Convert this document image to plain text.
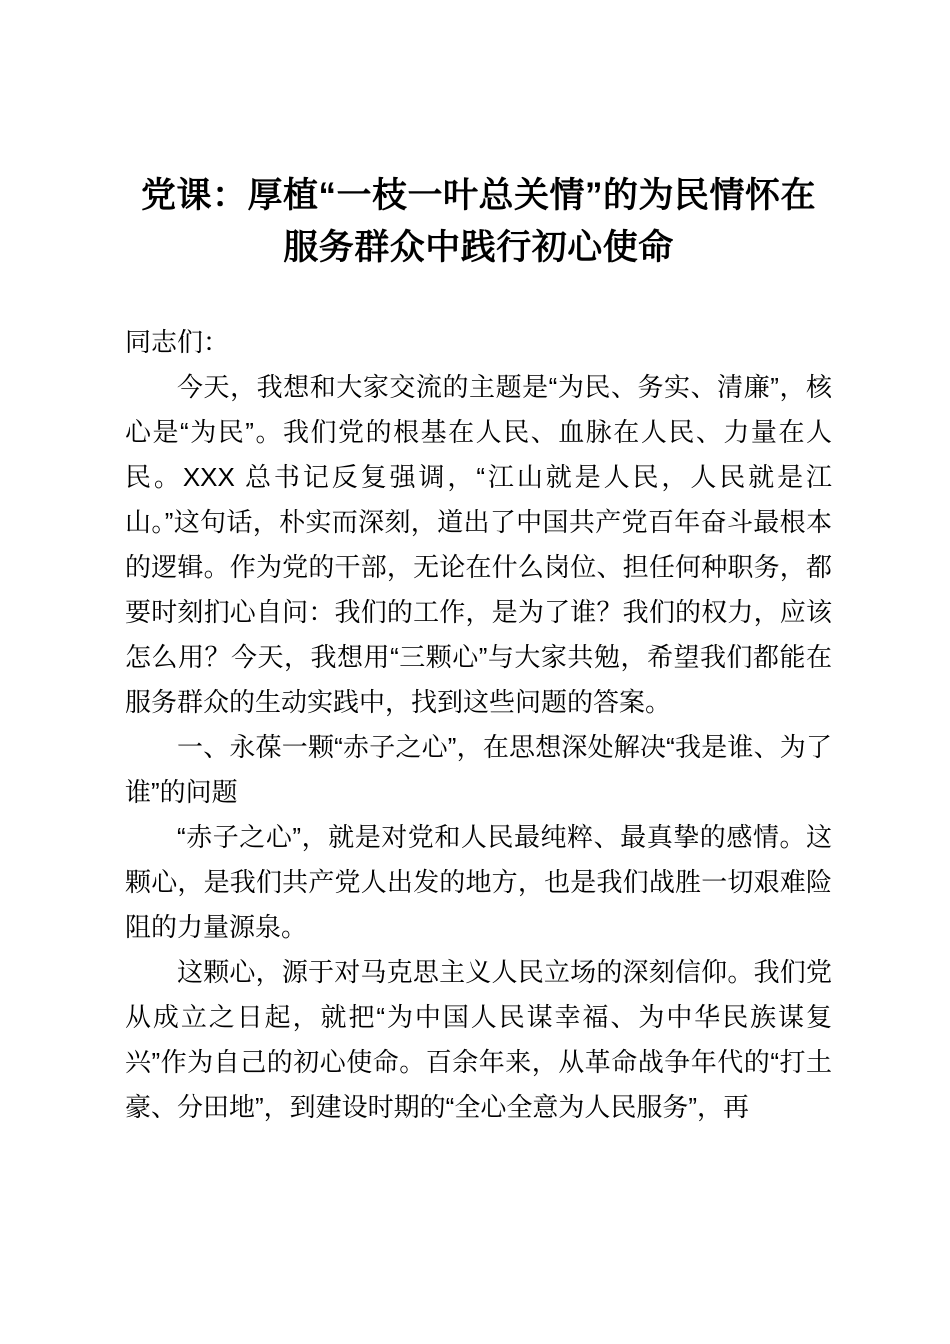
党课：厚植“一枝一叶总关情”的为民情怀在
服务群众中践行初心使命

同志们：

今天，我想和大家交流的主题是“为民、务实、清廉”，核心是“为民”。我们党的根基在人民、血脉在人民、力量在人民。XXX 总书记反复强调，“江山就是人民，人民就是江山。”这句话，朴实而深刻，道出了中国共产党百年奋斗最根本的逻辑。作为党的干部，无论在什么岗位、担任何种职务，都要时刻扪心自问：我们的工作，是为了谁？我们的权力，应该怎么用？今天，我想用“三颗心”与大家共勉，希望我们都能在服务群众的生动实践中，找到这些问题的答案。

一、永葆一颗“赤子之心”，在思想深处解决“我是谁、为了谁”的问题

“赤子之心”，就是对党和人民最纯粹、最真挚的感情。这颗心，是我们共产党人出发的地方，也是我们战胜一切艰难险阻的力量源泉。

这颗心，源于对马克思主义人民立场的深刻信仰。我们党从成立之日起，就把“为中国人民谋幸福、为中华民族谋复兴”作为自己的初心使命。百余年来，从革命战争年代的“打土豪、分田地”，到建设时期的“全心全意为人民服务”，再
